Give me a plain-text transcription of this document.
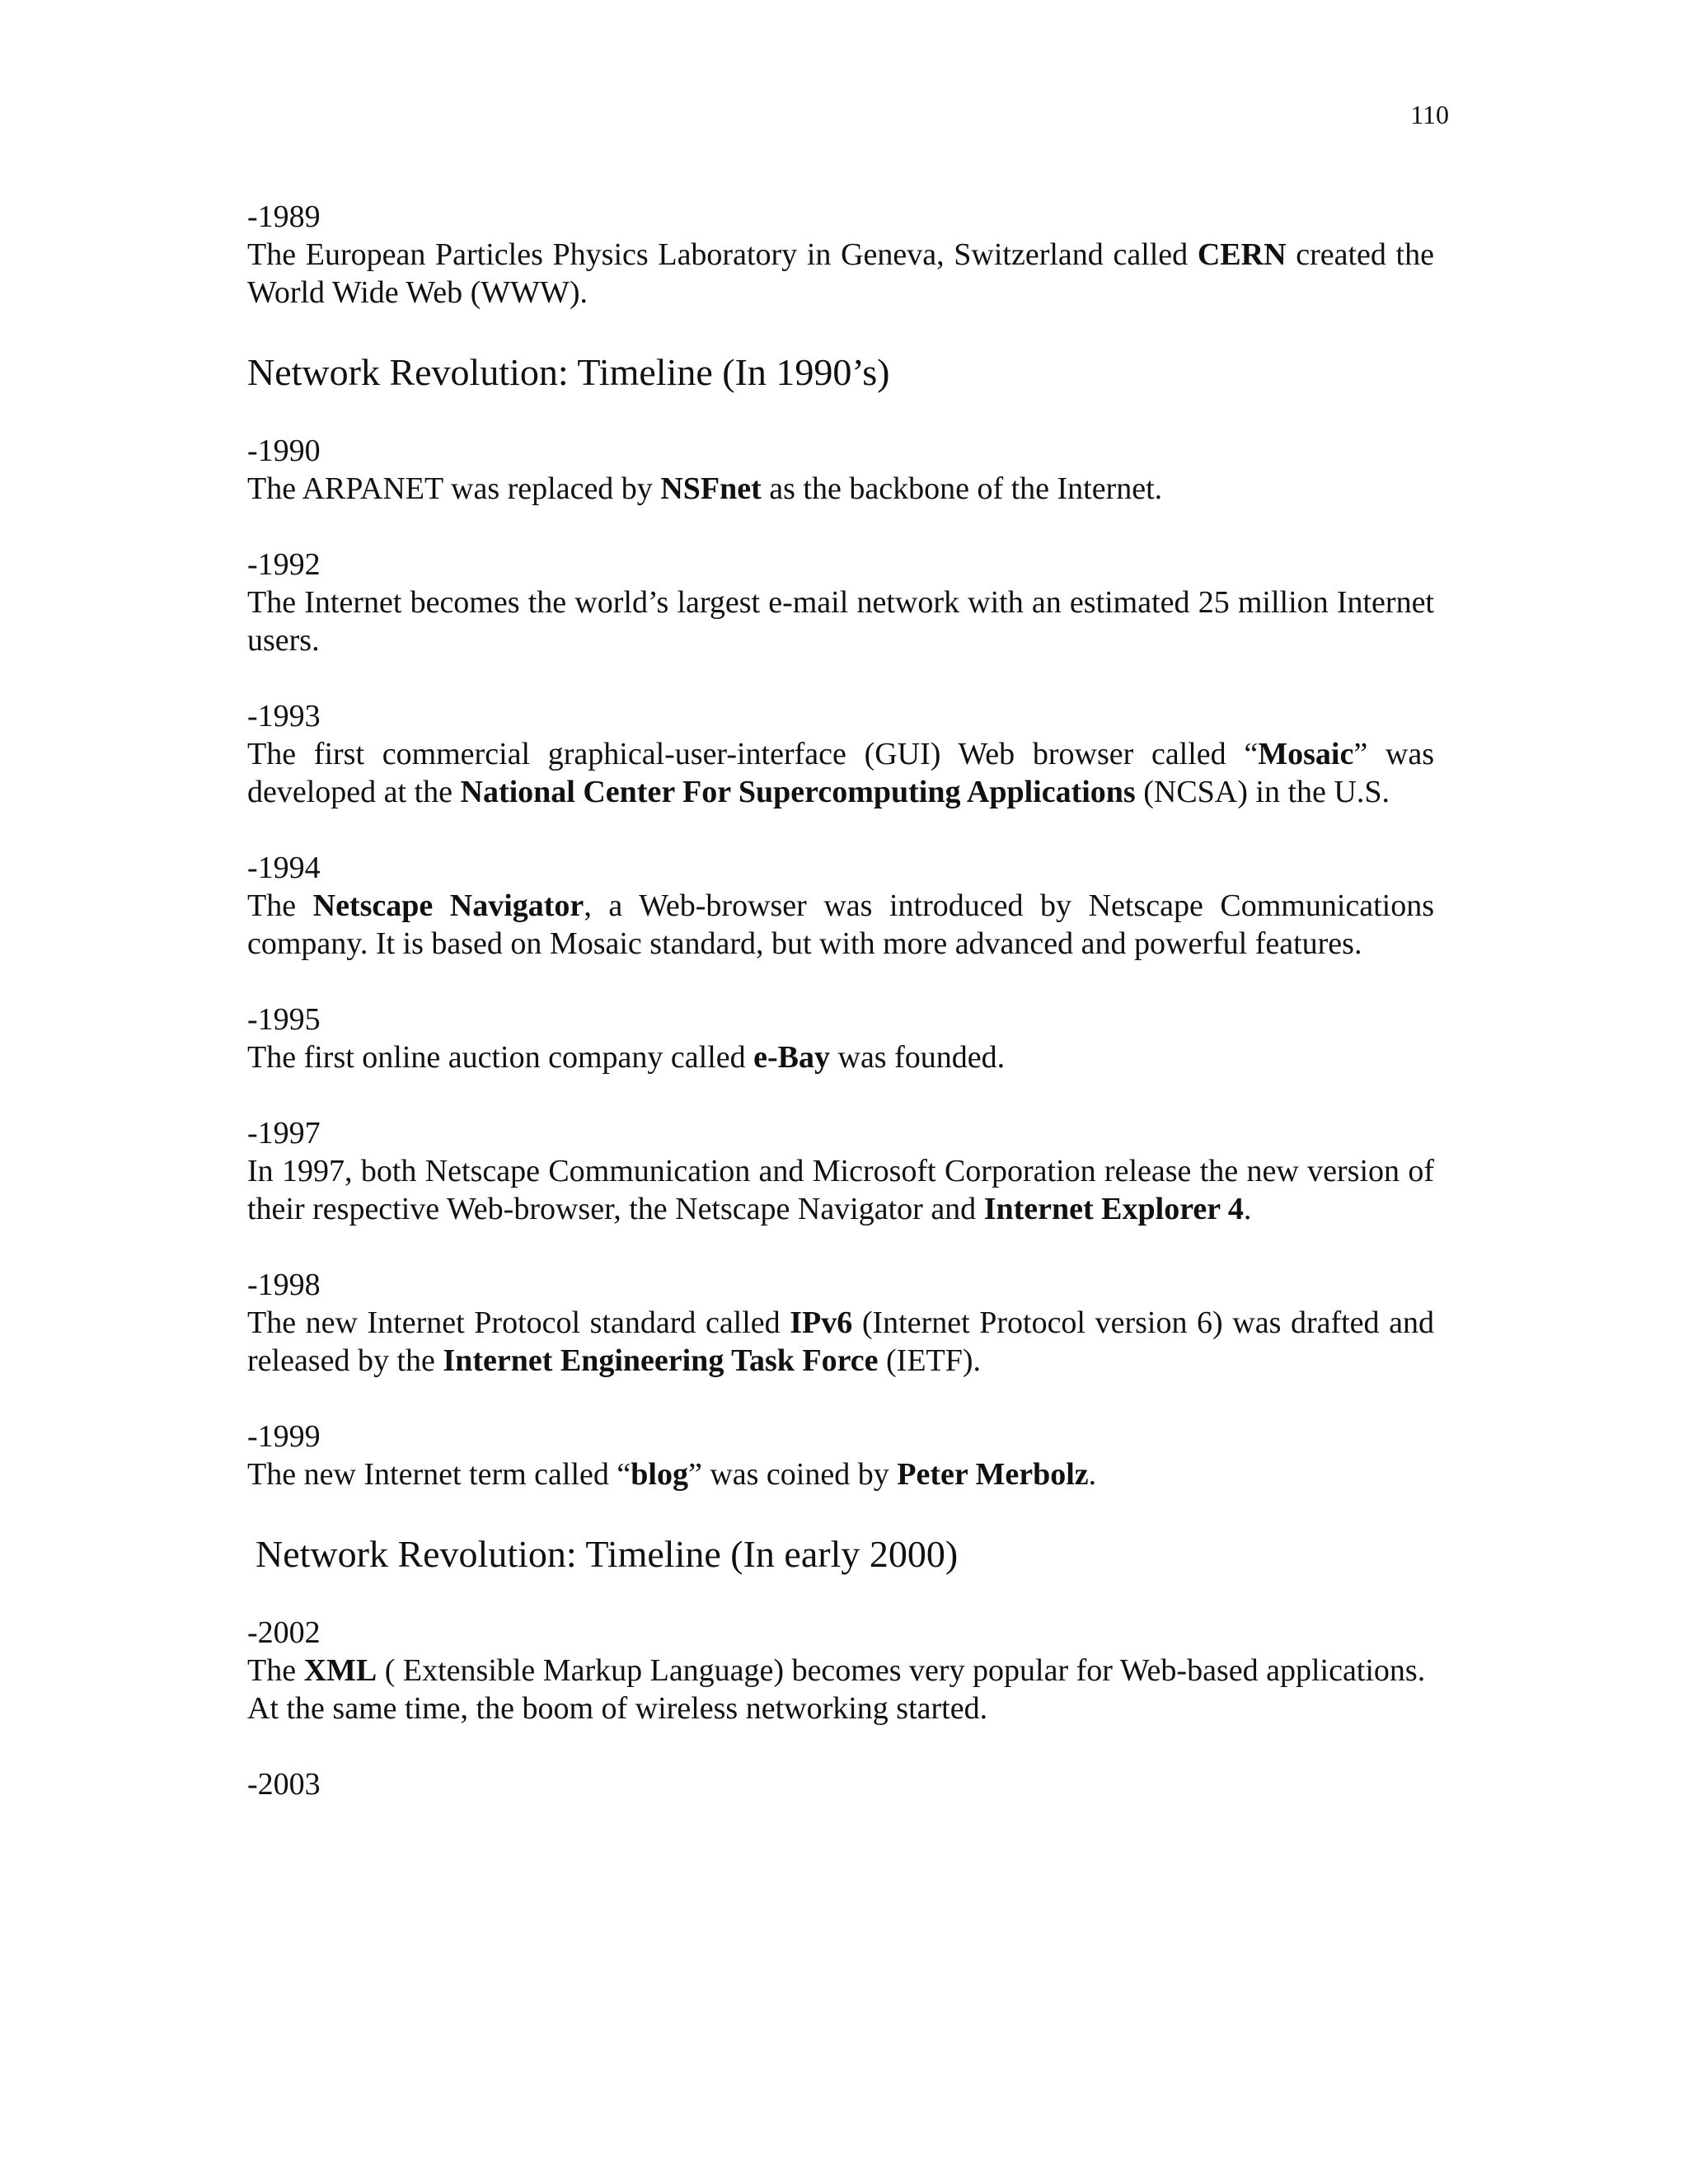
110
-1989
The European Particles Physics Laboratory in Geneva, Switzerland called CERN created the World Wide Web (WWW).
Network Revolution: Timeline (In 1990’s)
-1990
The ARPANET was replaced by NSFnet as the backbone of the Internet.
-1992
The Internet becomes the world’s largest e-mail network with an estimated 25 million Internet users.
-1993
The first commercial graphical-user-interface (GUI) Web browser called “Mosaic” was developed at the National Center For Supercomputing Applications (NCSA) in the U.S.
-1994
The Netscape Navigator, a Web-browser was introduced by Netscape Communications company. It is based on Mosaic standard, but with more advanced and powerful features.
-1995
The first online auction company called e-Bay was founded.
-1997
In 1997, both Netscape Communication and Microsoft Corporation release the new version of their respective Web-browser, the Netscape Navigator and Internet Explorer 4.
-1998
The new Internet Protocol standard called IPv6 (Internet Protocol version 6) was drafted and released by the Internet Engineering Task Force (IETF).
-1999
The new Internet term called “blog” was coined by Peter Merbolz.
Network Revolution: Timeline (In early 2000)
-2002
The XML ( Extensible Markup Language) becomes very popular for Web-based applications. At the same time, the boom of wireless networking started.
-2003
